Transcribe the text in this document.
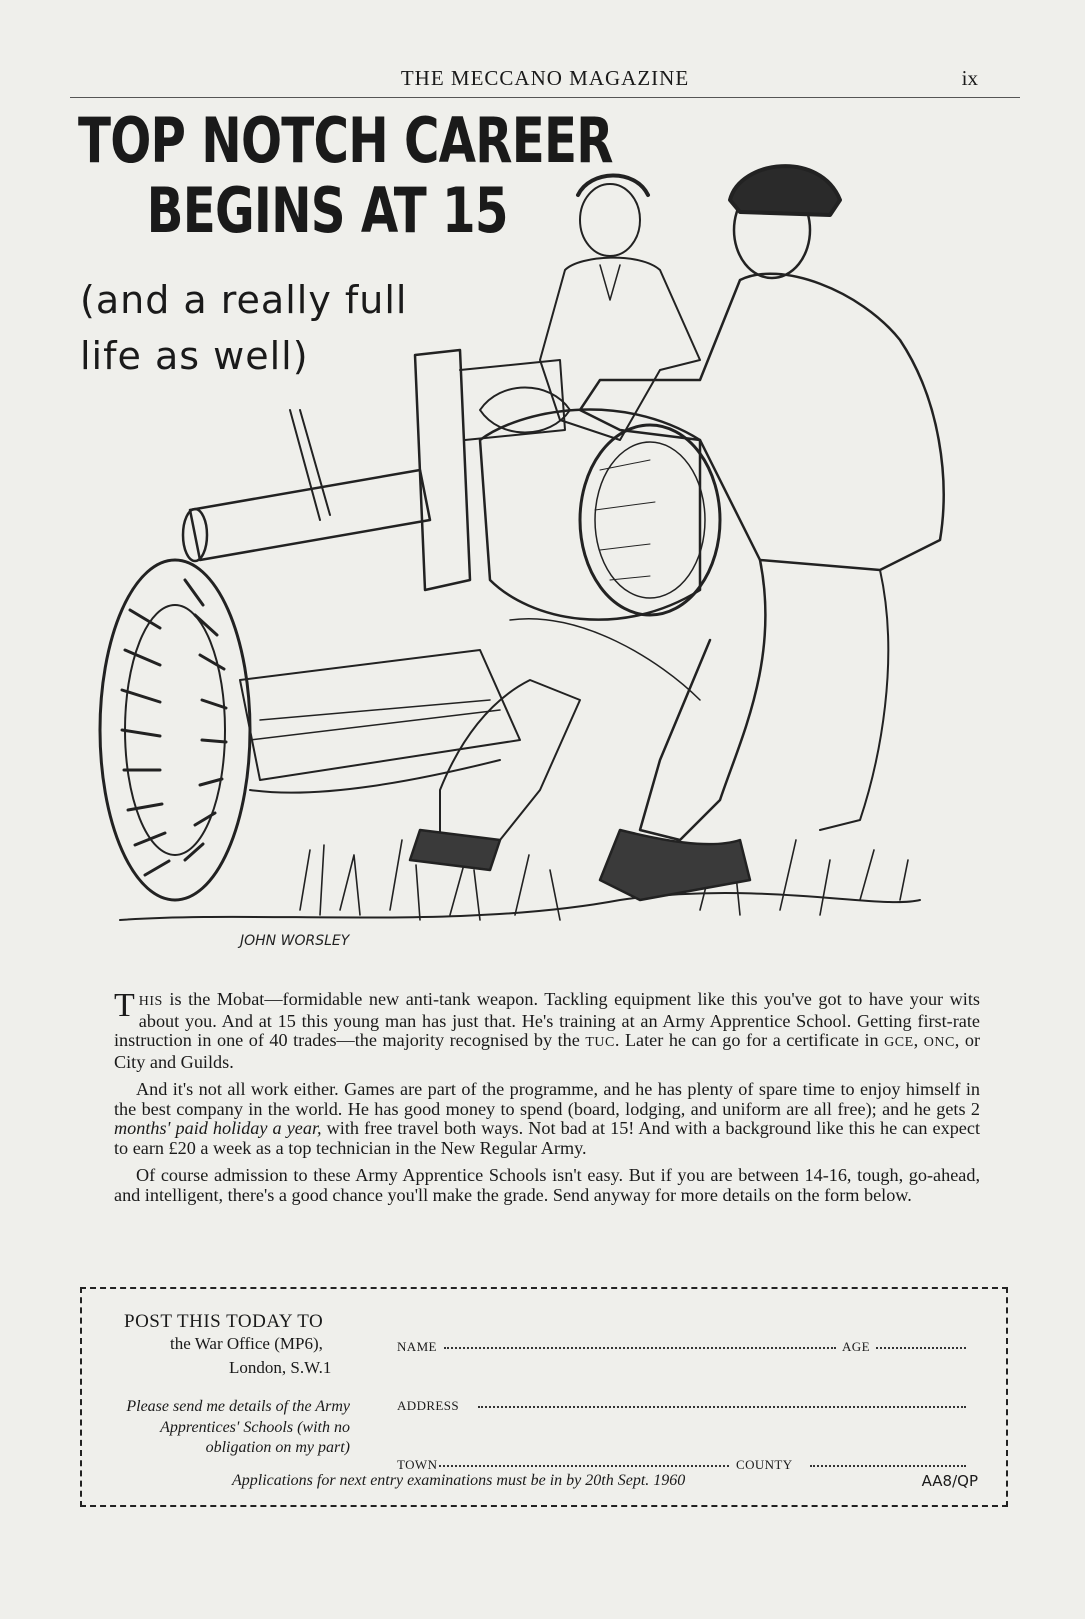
THE MECCANO MAGAZINE	ix
JOHN WORSLEY
TOP NOTCH CAREER
BEGINS AT 15
(and a really full
life as well)

THIS is the Mobat—formidable new anti-tank weapon. Tackling equipment like this you've got to have your wits about you. And at 15 this young man has just that. He's training at an Army Apprentice School. Getting first-rate instruction in one of 40 trades—the majority recognised by the TUC. Later he can go for a certificate in GCE, ONC, or City and Guilds.

And it's not all work either. Games are part of the programme, and he has plenty of spare time to enjoy himself in the best company in the world. He has good money to spend (board, lodging, and uniform are all free); and he gets 2 months' paid holiday a year, with free travel both ways. Not bad at 15! And with a background like this he can expect to earn £20 a week as a top technician in the New Regular Army.

Of course admission to these Army Apprentice Schools isn't easy. But if you are between 14-16, tough, go-ahead, and intelligent, there's a good chance you'll make the grade. Send anyway for more details on the form below.

POST THIS TODAY TO
the War Office (MP6),
London, S.W.1
Please send me details of the Army Apprentices' Schools (with no obligation on my part)
NAME	AGE
ADDRESS
TOWN	COUNTY
Applications for next entry examinations must be in by 20th Sept. 1960	AA8/QP
